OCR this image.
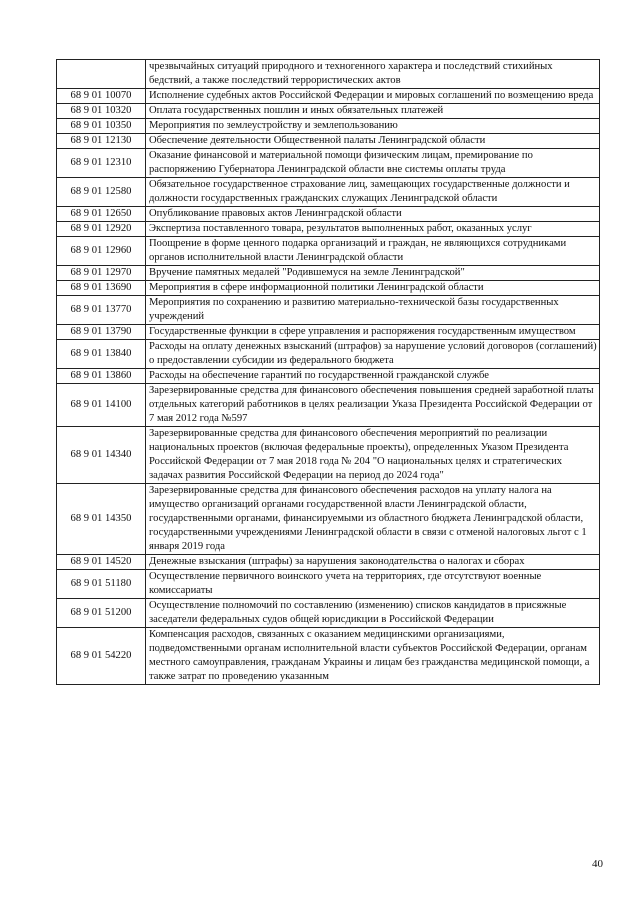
	чрезвычайных ситуаций природного и техногенного характера и последствий стихийных бедствий, а также последствий террористических актов
68 9 01 10070	Исполнение судебных актов Российской Федерации и мировых соглашений по возмещению вреда
68 9 01 10320	Оплата государственных пошлин и иных обязательных платежей
68 9 01 10350	Мероприятия по землеустройству и землепользованию
68 9 01 12130	Обеспечение деятельности Общественной палаты Ленинградской области
68 9 01 12310	Оказание финансовой и материальной помощи физическим лицам, премирование по распоряжению Губернатора Ленинградской области вне системы оплаты труда
68 9 01 12580	Обязательное государственное страхование лиц, замещающих государственные должности и должности государственных гражданских служащих Ленинградской области
68 9 01 12650	Опубликование правовых актов Ленинградской области
68 9 01 12920	Экспертиза поставленного товара, результатов выполненных работ, оказанных услуг
68 9 01 12960	Поощрение в форме ценного подарка организаций и граждан, не являющихся сотрудниками органов исполнительной власти Ленинградской области
68 9 01 12970	Вручение памятных медалей "Родившемуся на земле Ленинградской"
68 9 01 13690	Мероприятия в сфере информационной политики Ленинградской области
68 9 01 13770	Мероприятия по сохранению и развитию материально-технической базы государственных учреждений
68 9 01 13790	Государственные функции в сфере управления и распоряжения государственным имуществом
68 9 01 13840	Расходы на оплату денежных взысканий (штрафов) за нарушение условий договоров (соглашений) о предоставлении субсидии из федерального бюджета
68 9 01 13860	Расходы на обеспечение гарантий по государственной гражданской службе
68 9 01 14100	Зарезервированные средства для финансового обеспечения повышения средней заработной платы отдельных категорий работников в целях реализации Указа Президента Российской Федерации от 7 мая 2012 года №597
68 9 01 14340	Зарезервированные средства для финансового обеспечения мероприятий по реализации национальных проектов (включая федеральные проекты), определенных Указом Президента Российской Федерации от 7 мая 2018 года № 204 "О национальных целях и стратегических задачах развития Российской Федерации на период до 2024 года"
68 9 01 14350	Зарезервированные средства для финансового обеспечения расходов на уплату налога на имущество организаций органами государственной власти Ленинградской области, государственными органами, финансируемыми из областного бюджета Ленинградской области, государственными учреждениями Ленинградской области в связи с отменой налоговых льгот с 1 января 2019 года
68 9 01 14520	Денежные взыскания (штрафы) за нарушения законодательства о налогах и сборах
68 9 01 51180	Осуществление первичного воинского учета на территориях, где отсутствуют военные комиссариаты
68 9 01 51200	Осуществление полномочий по составлению (изменению) списков кандидатов в присяжные заседатели федеральных судов общей юрисдикции в Российской Федерации
68 9 01 54220	Компенсация расходов, связанных с оказанием медицинскими организациями, подведомственными органам исполнительной власти субъектов Российской Федерации, органам местного самоуправления, гражданам Украины и лицам без гражданства медицинской помощи, а также затрат по проведению указанным
40
